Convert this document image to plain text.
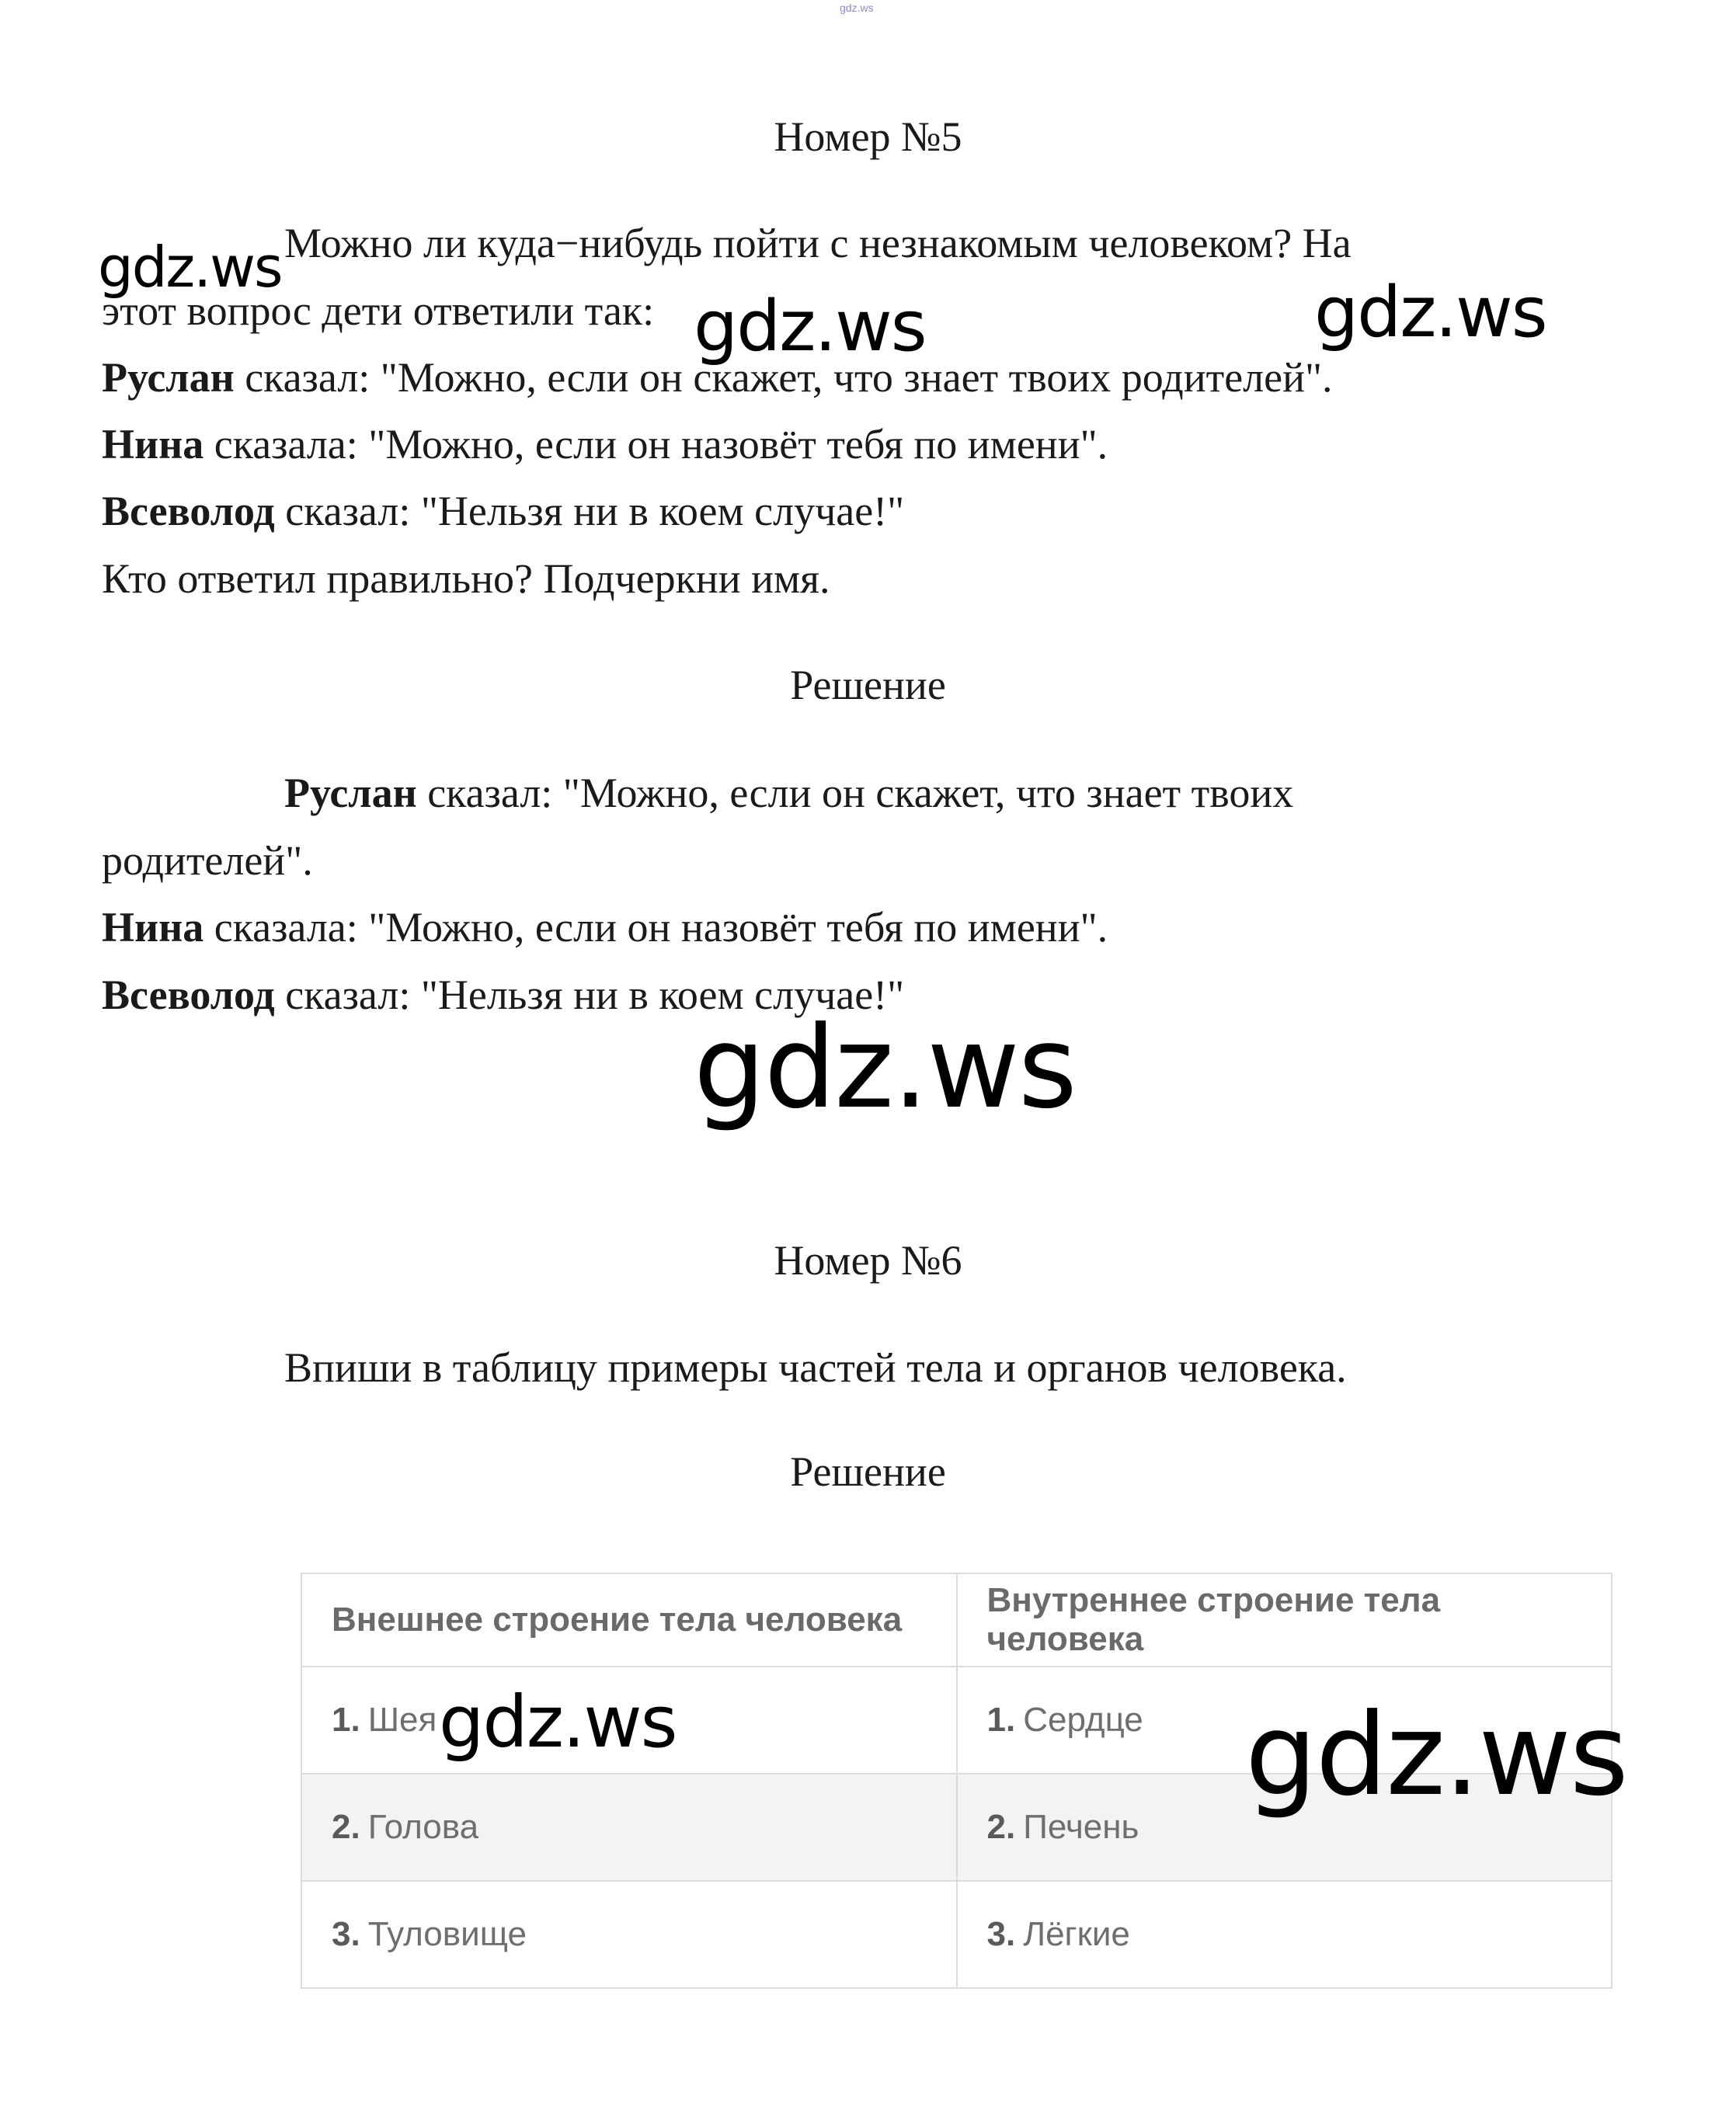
gdz.ws
Номер №5
Можно ли куда−нибудь пойти с незнакомым человеком? На
этот вопрос дети ответили так:
Руслан сказал: "Можно, если он скажет, что знает твоих родителей".
Нина сказала: "Можно, если он назовёт тебя по имени".
Всеволод сказал: "Нельзя ни в коем случае!"
Кто ответил правильно? Подчеркни имя.
Решение
Руслан сказал: "Можно, если он скажет, что знает твоих
родителей".
Нина сказала: "Можно, если он назовёт тебя по имени".
Всеволод сказал: "Нельзя ни в коем случае!"
Номер №6
Впиши в таблицу примеры частей тела и органов человека.
Решение
Внешнее строение тела человека	Внутреннее строение тела человека
1. Шея	1. Сердце
2. Голова	2. Печень
3. Туловище	3. Лёгкие
gdz.ws
gdz.ws	gdz.ws
gdz.ws
gdz.ws	gdz.ws
